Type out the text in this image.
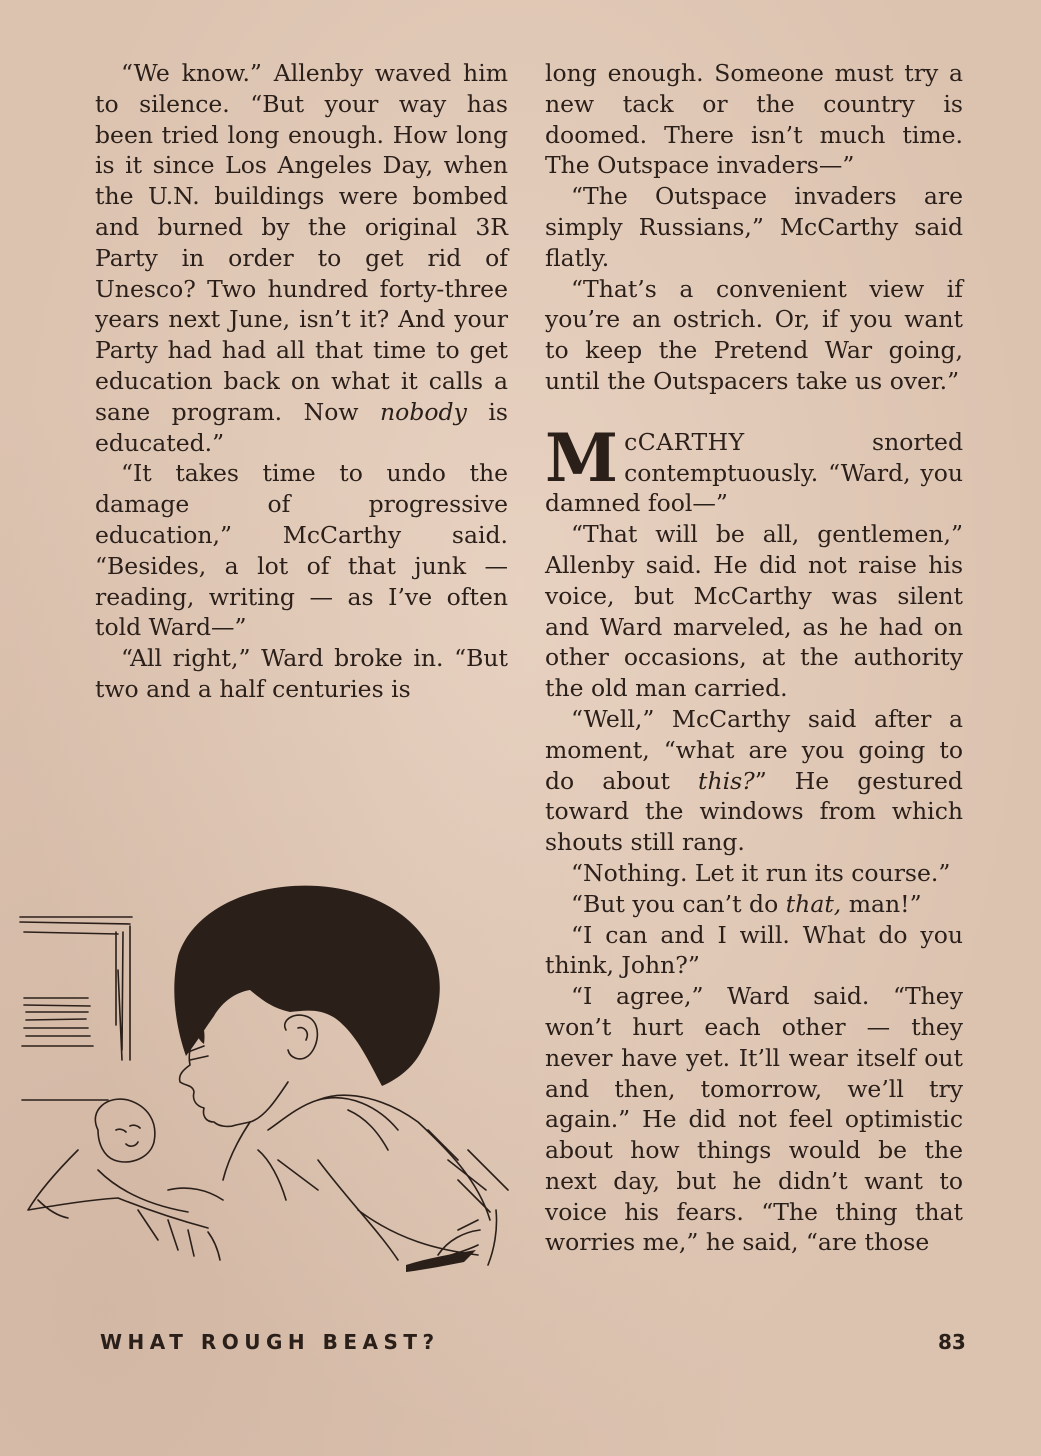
“We know.” Allenby waved him to silence. “But your way has been tried long enough. How long is it since Los Angeles Day, when the U.N. buildings were bombed and burned by the original 3R Party in order to get rid of Unesco? Two hundred forty-three years next June, isn’t it? And your Party had had all that time to get education back on what it calls a sane program. Now nobody is educated.”

“It takes time to undo the damage of progressive education,” McCarthy said. “Besides, a lot of that junk — reading, writing — as I’ve often told Ward—”

“All right,” Ward broke in. “But two and a half centuries is

long enough. Someone must try a new tack or the country is doomed. There isn’t much time. The Outspace invaders—”

“The Outspace invaders are simply Russians,” McCarthy said flatly.

“That’s a convenient view if you’re an ostrich. Or, if you want to keep the Pretend War going, until the Outspacers take us over.”

McCARTHY	snorted contemptuously. “Ward, you damned fool—”

“That will be all, gentlemen,” Allenby said. He did not raise his voice, but McCarthy was silent and Ward marveled, as he had on other occasions, at the authority the old man carried.

“Well,” McCarthy said after a moment, “what are you going to do about this?” He gestured toward the windows from which shouts still rang.

“Nothing. Let it run its course.”

“But you can’t do that, man!”

“I can and I will. What do you think, John?”

“I agree,” Ward said. “They won’t hurt each other — they never have yet. It’ll wear itself out and then, tomorrow, we’ll try again.” He did not feel optimistic about how things would be the next day, but he didn’t want to voice his fears. “The thing that worries me,” he said, “are those

WHAT ROUGH BEAST?	83
